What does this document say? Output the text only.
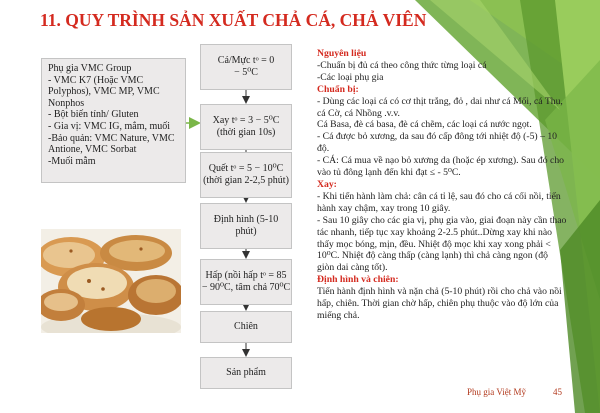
11. QUY TRÌNH SẢN XUẤT CHẢ CÁ, CHẢ VIÊN
Phụ gia VMC Group
- VMC K7 (Hoặc VMC
Polyphos), VMC MP, VMC
Nonphos
- Bột biến tính/ Gluten
- Gia vị: VMC IG, mắm, muối
-Bảo quản: VMC Nature, VMC
Antione, VMC Sorbat
-Muối mẫm
Cá/Mực tᵒ = 0
− 5⁰C
Xay tᵒ = 3 − 5⁰C
(thời gian 10s)
Quết tᵒ = 5 − 10⁰C
(thời gian 2-2,5 phút)
Định hình (5-10
phút)
Hấp (nồi hấp tᵒ = 85
− 90⁰C, tâm chả 70⁰C
Chiên
Sản phẩm

Nguyên liệu

-Chuẩn bị đủ cá theo công thức từng loại cá

-Các loại phụ gia

Chuẩn bị:

- Dùng các loại cá có cơ thịt trắng, đỏ , dai như cá Mối, cá Thu, cá Cờ, cá Nhồng .v.v.

Cá Basa, đè cá basa, đè cá chẽm, các loại cá nước ngọt.

- Cá được bỏ xương, da sau đó cấp đông tới nhiệt độ (-5) – 10 độ.

- CÁ: Cá mua về nạo bỏ xương da (hoặc ép xương). Sau đó cho vào tủ đông lạnh đến khi đạt ≤ - 5⁰C.

Xay:

- Khi tiến hành làm chả: cân cá tỉ lệ, sau đó cho cá cối nồi, tiến hành xay chậm, xay trong 10 giây.

- Sau 10 giây cho các gia vị, phụ gia vào, giai đoạn này cần thao tác nhanh, tiếp tục xay khoảng 2-2.5 phút..Dừng xay khi nào thấy mọc bóng, mịn, đều. Nhiệt độ mọc khi xay xong phải < 10⁰C. Nhiệt độ càng thấp (càng lạnh) thì chả càng ngon (độ giòn dai càng tốt).

Định hình và chiên:

Tiến hành định hình và nặn chả (5-10 phút) rồi cho chả vào nồi hấp, chiên. Thời gian chờ hấp, chiên phụ thuộc vào độ lớn của miếng chả.

Phụ gia Việt Mỹ	45
